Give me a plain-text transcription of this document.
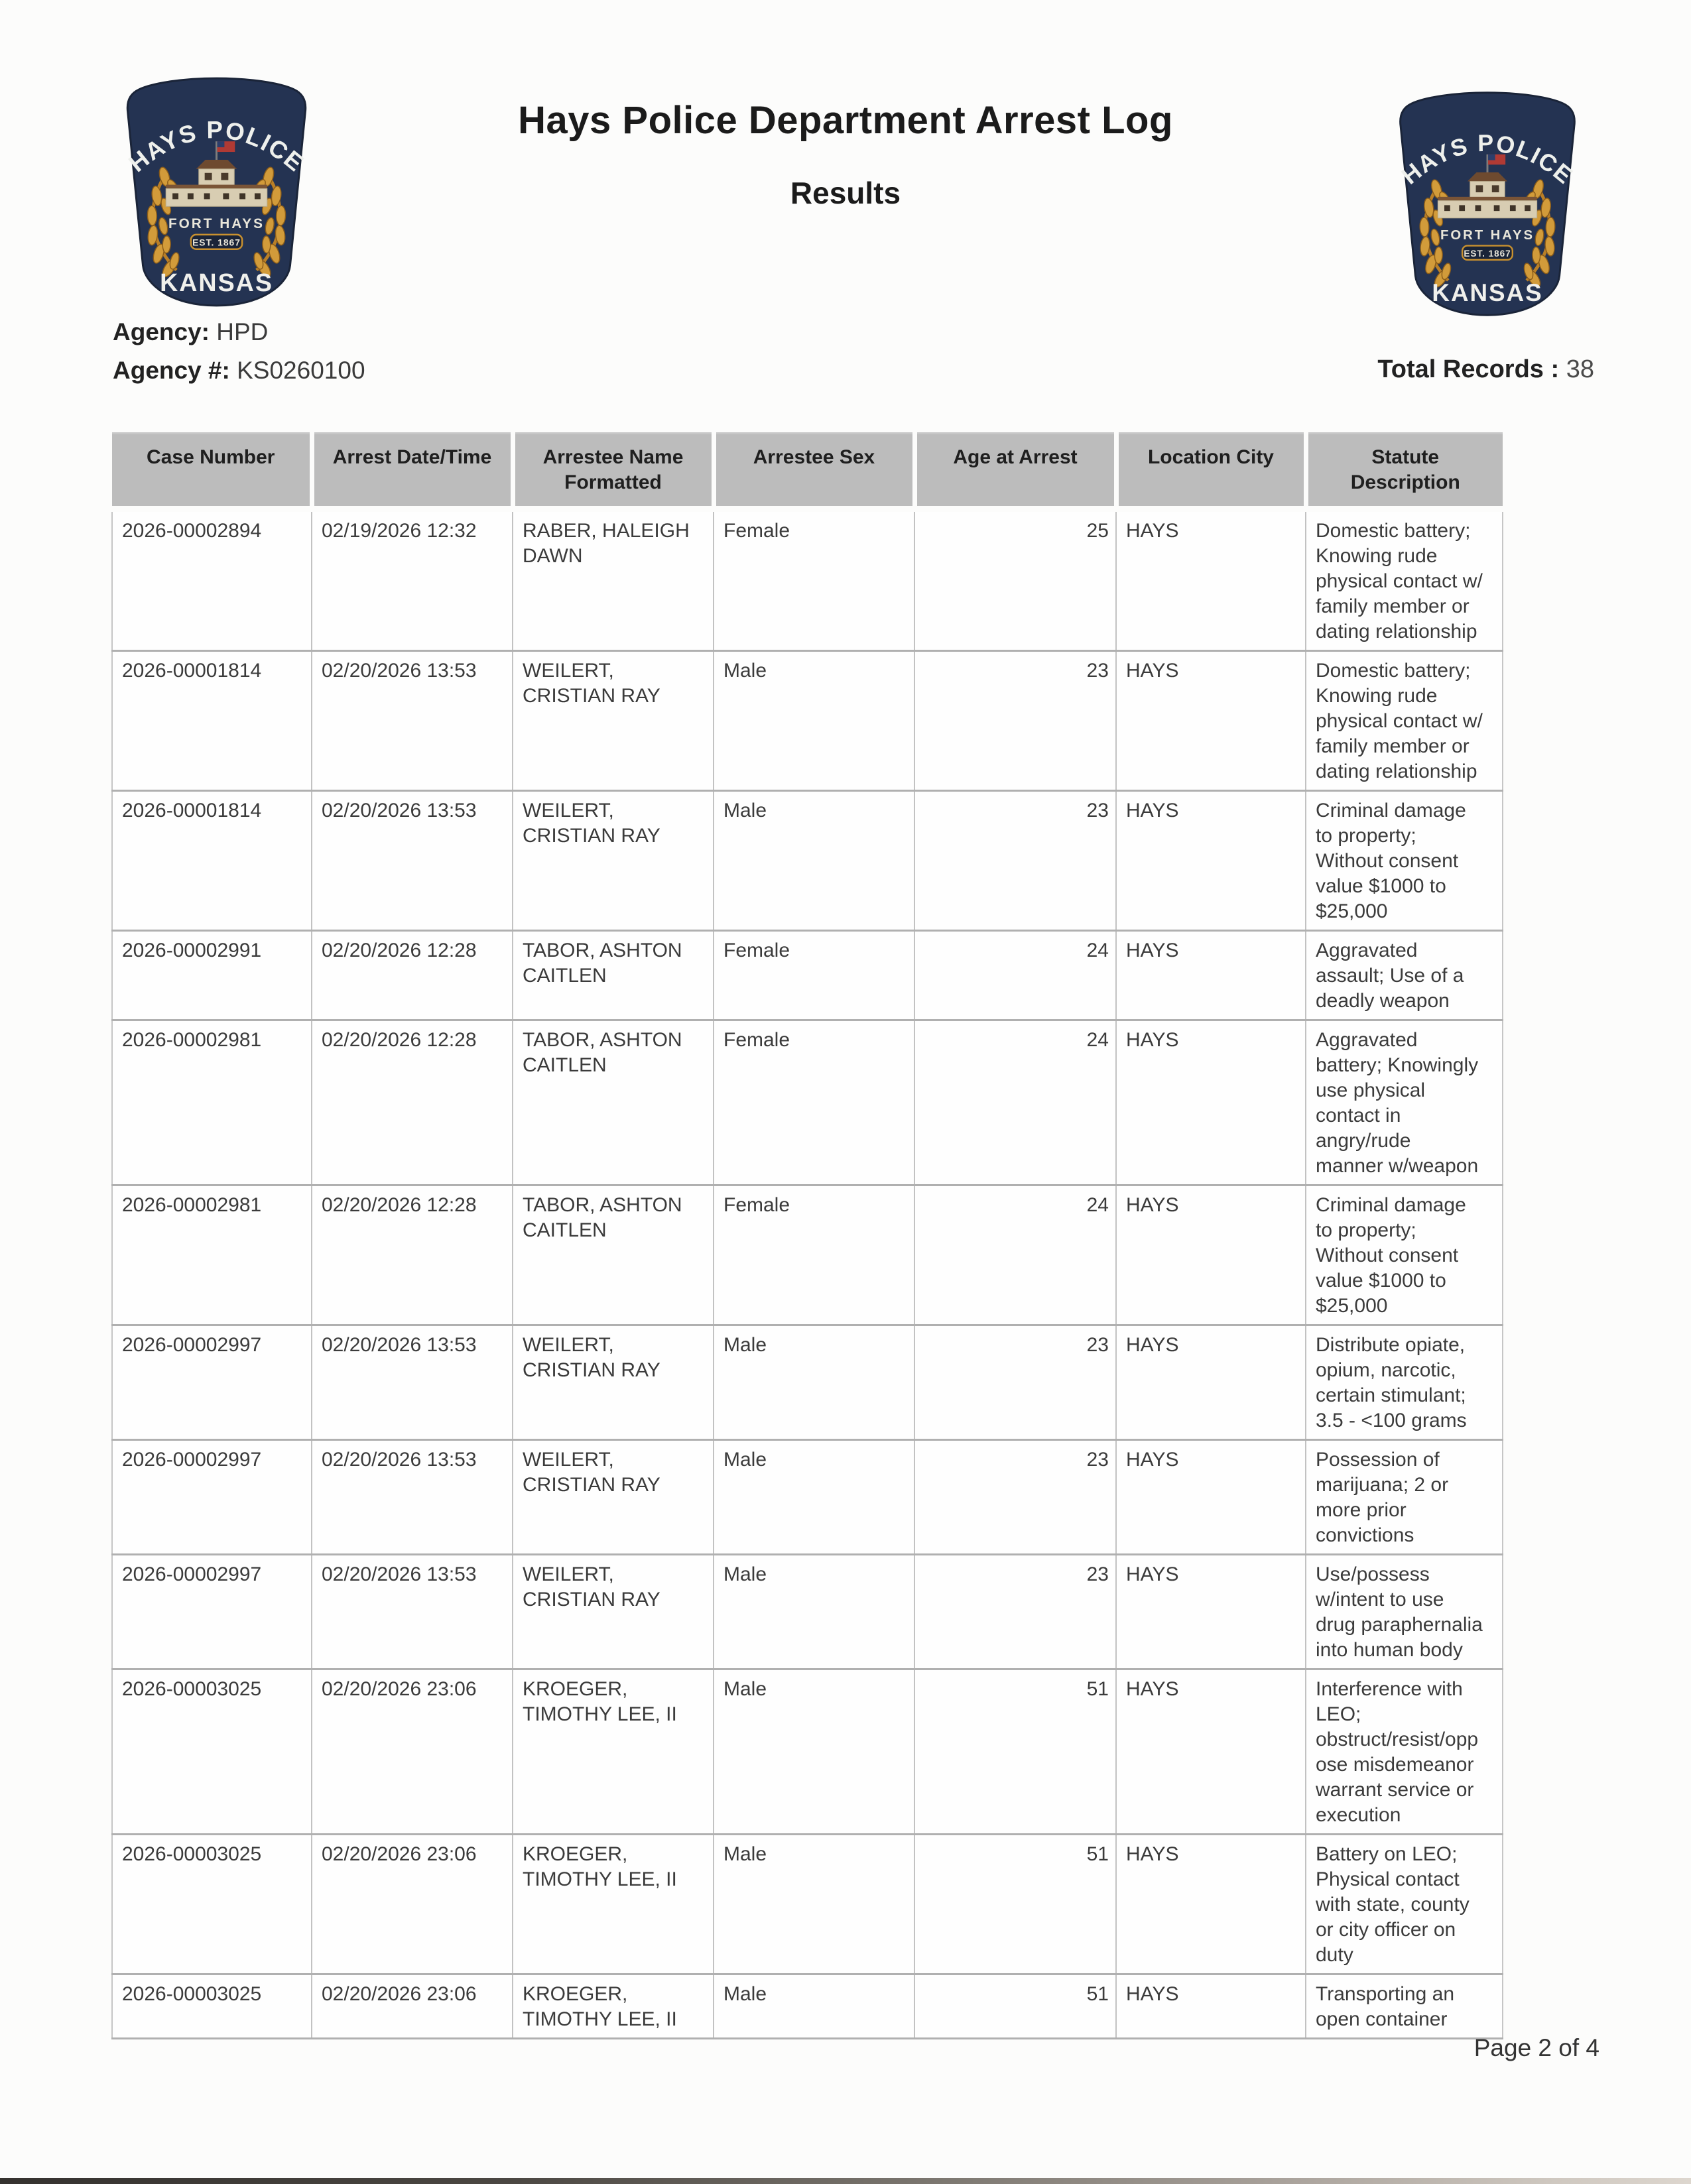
Hays Police Department Arrest Log
Results
Agency: HPD
Agency #: KS0260100	Total Records : 38
Case Number	Arrest Date/Time	Arrestee Name Formatted	Arrestee Sex	Age at Arrest	Location City	Statute Description
2026-00002894	02/19/2026 12:32	RABER, HALEIGH DAWN	Female	25	HAYS	Domestic battery; Knowing rude physical contact w/ family member or dating relationship
2026-00001814	02/20/2026 13:53	WEILERT, CRISTIAN RAY	Male	23	HAYS	Domestic battery; Knowing rude physical contact w/ family member or dating relationship
2026-00001814	02/20/2026 13:53	WEILERT, CRISTIAN RAY	Male	23	HAYS	Criminal damage to property; Without consent value $1000 to $25,000
2026-00002991	02/20/2026 12:28	TABOR, ASHTON CAITLEN	Female	24	HAYS	Aggravated assault; Use of a deadly weapon
2026-00002981	02/20/2026 12:28	TABOR, ASHTON CAITLEN	Female	24	HAYS	Aggravated battery; Knowingly use physical contact in angry/rude manner w/weapon
2026-00002981	02/20/2026 12:28	TABOR, ASHTON CAITLEN	Female	24	HAYS	Criminal damage to property; Without consent value $1000 to $25,000
2026-00002997	02/20/2026 13:53	WEILERT, CRISTIAN RAY	Male	23	HAYS	Distribute opiate, opium, narcotic, certain stimulant; 3.5 - <100 grams
2026-00002997	02/20/2026 13:53	WEILERT, CRISTIAN RAY	Male	23	HAYS	Possession of marijuana; 2 or more prior convictions
2026-00002997	02/20/2026 13:53	WEILERT, CRISTIAN RAY	Male	23	HAYS	Use/possess w/intent to use drug paraphernalia into human body
2026-00003025	02/20/2026 23:06	KROEGER, TIMOTHY LEE, II	Male	51	HAYS	Interference with LEO; obstruct/resist/opp ose misdemeanor warrant service or execution
2026-00003025	02/20/2026 23:06	KROEGER, TIMOTHY LEE, II	Male	51	HAYS	Battery on LEO; Physical contact with state, county or city officer on duty
2026-00003025	02/20/2026 23:06	KROEGER, TIMOTHY LEE, II	Male	51	HAYS	Transporting an open container
Page 2 of 4
